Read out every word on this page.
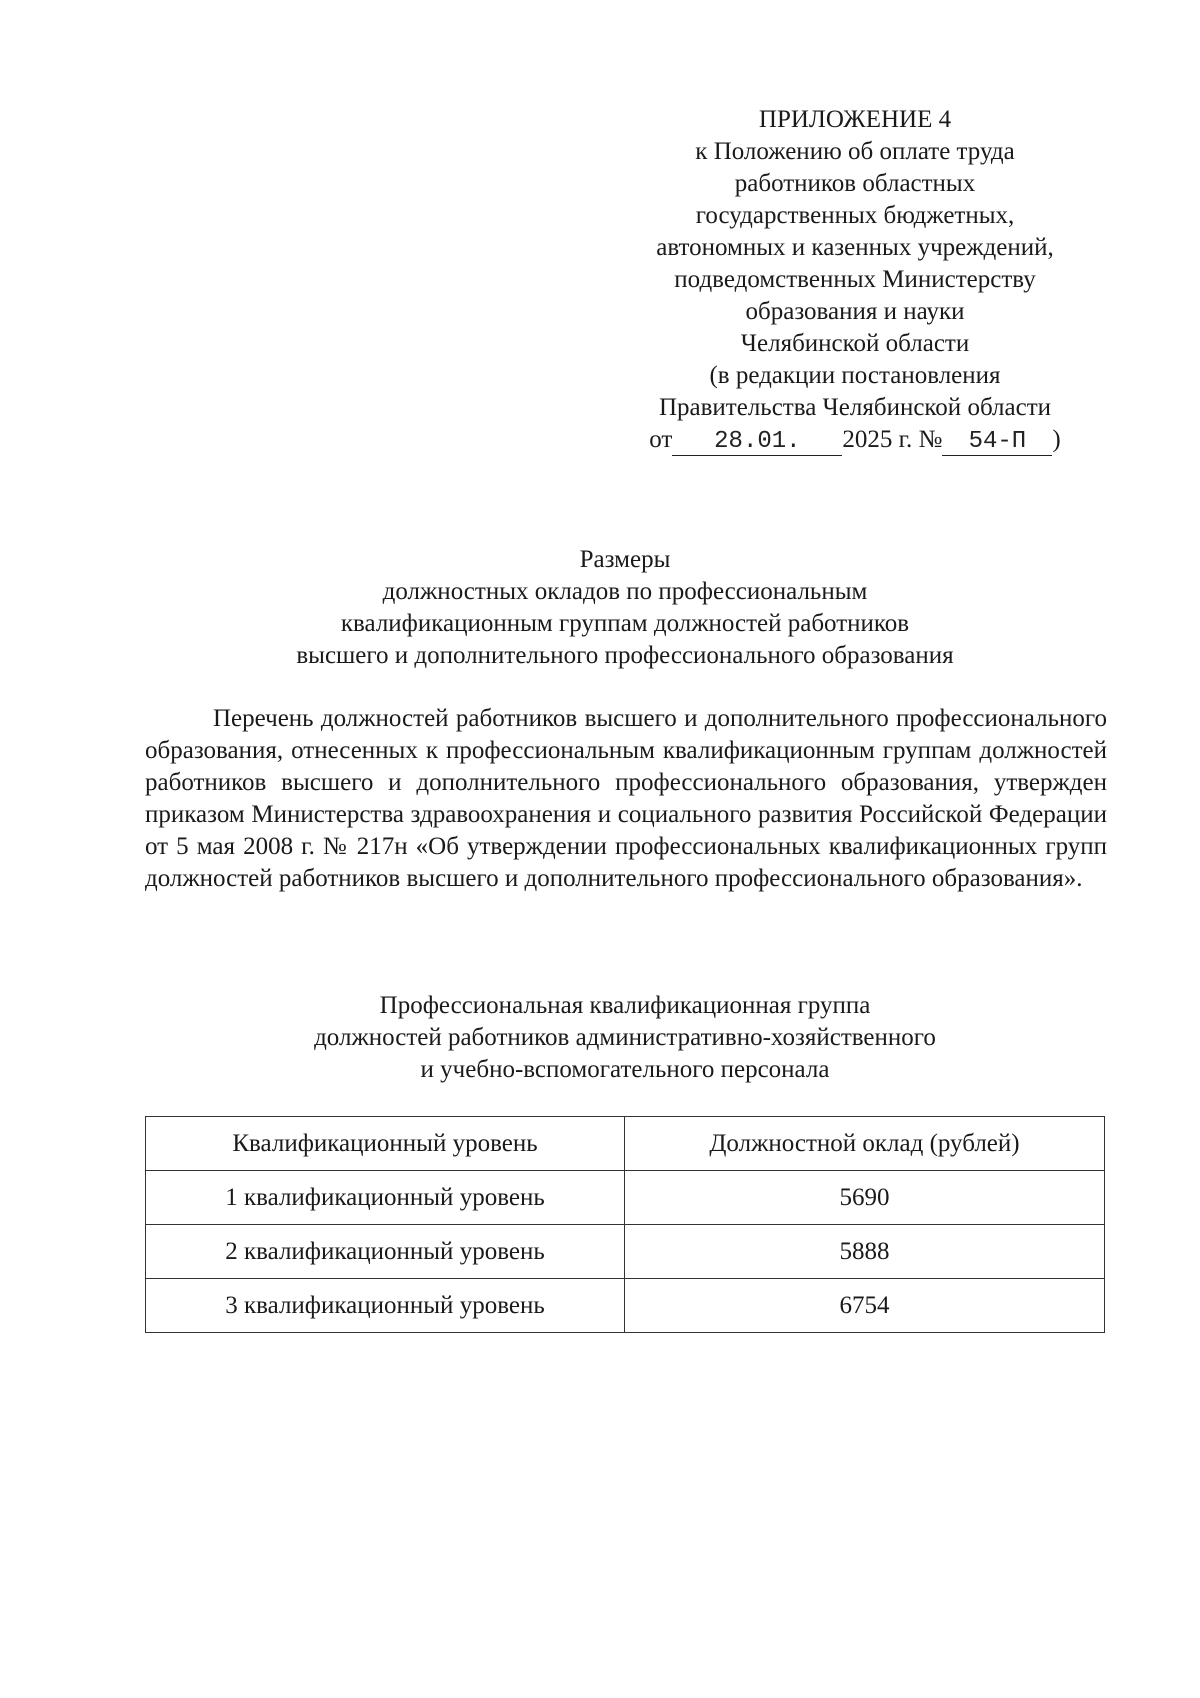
ПРИЛОЖЕНИЕ 4
к Положению об оплате труда
работников областных
государственных бюджетных,
автономных и казенных учреждений,
подведомственных Министерству
образования и науки
Челябинской области
(в редакции постановления
Правительства Челябинской области
от 28.01. 2025 г. № 54-П )
Размеры
должностных окладов по профессиональным
квалификационным группам должностей работников
высшего и дополнительного профессионального образования

Перечень должностей работников высшего и дополнительного профессионального образования, отнесенных к профессиональным квалификационным группам должностей работников высшего и дополнительного профессионального образования, утвержден приказом Министерства здравоохранения и социального развития Российской Федерации от 5 мая 2008 г. № 217н «Об утверждении профессиональных квалификационных групп должностей работников высшего и дополнительного профессионального образования».

Профессиональная квалификационная группа
должностей работников административно-хозяйственного
и учебно-вспомогательного персонала
Квалификационный уровень	Должностной оклад (рублей)
1 квалификационный уровень	5690
2 квалификационный уровень	5888
3 квалификационный уровень	6754
